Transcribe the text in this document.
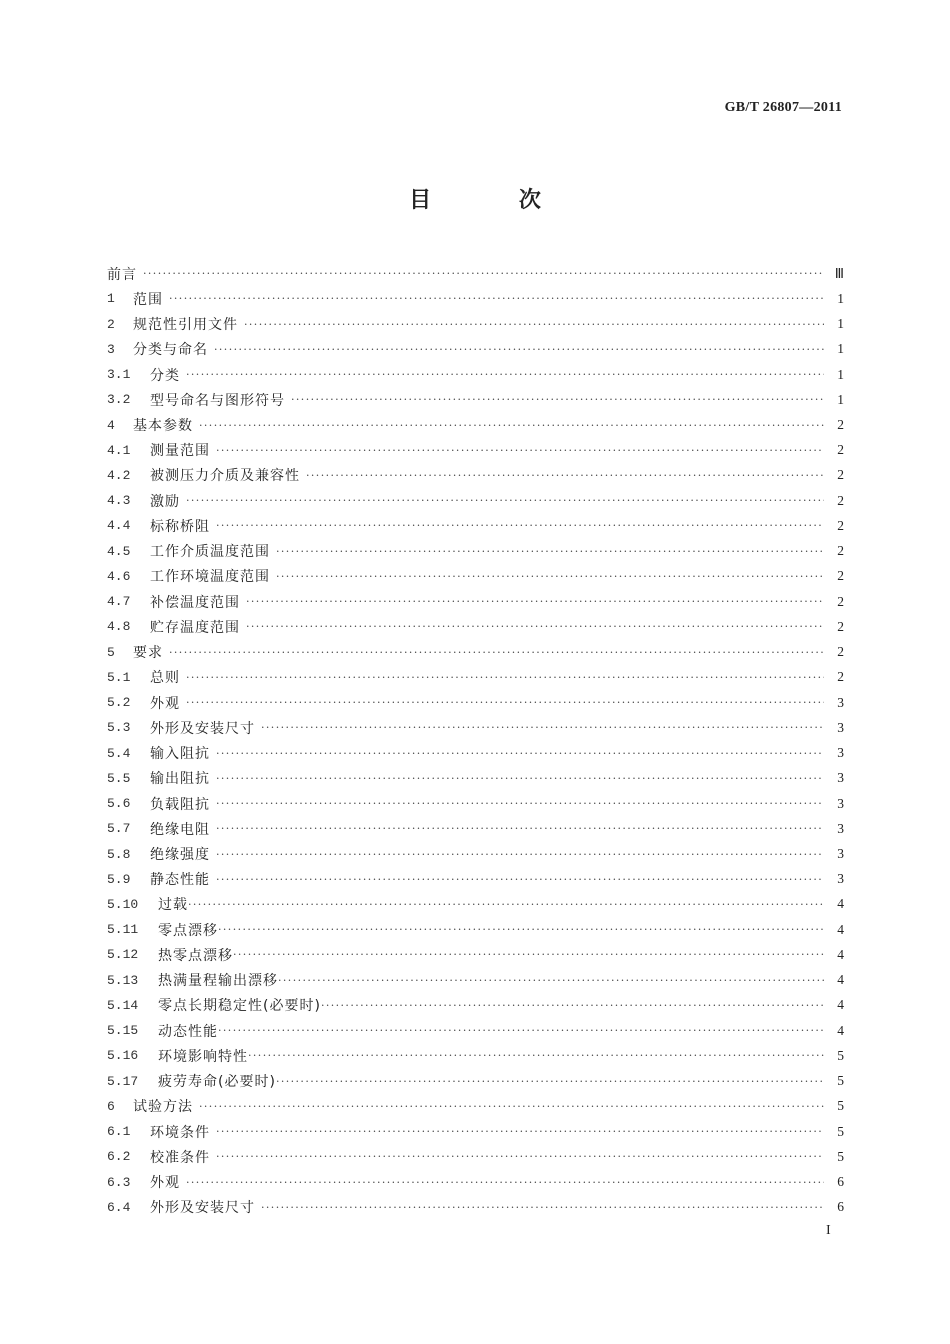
GB/T 26807—2011
目 次
前言 ·····	Ⅲ
1	范围 ·····	1
2	规范性引用文件 ·····	1
3	分类与命名 ·····	1
3.1	分类 ·····	1
3.2	型号命名与图形符号 ·····	1
4	基本参数 ·····	2
4.1	测量范围 ·····	2
4.2	被测压力介质及兼容性 ·····	2
4.3	激励 ·····	2
4.4	标称桥阻 ·····	2
4.5	工作介质温度范围 ·····	2
4.6	工作环境温度范围 ·····	2
4.7	补偿温度范围 ·····	2
4.8	贮存温度范围 ·····	2
5	要求 ·····	2
5.1	总则 ·····	2
5.2	外观 ·····	3
5.3	外形及安装尺寸 ·····	3
5.4	输入阻抗 ·····	3
5.5	输出阻抗 ·····	3
5.6	负载阻抗 ·····	3
5.7	绝缘电阻 ·····	3
5.8	绝缘强度 ·····	3
5.9	静态性能 ·····	3
5.10	过载 ·····	4
5.11	零点漂移 ·····	4
5.12	热零点漂移 ·····	4
5.13	热满量程输出漂移 ·····	4
5.14	零点长期稳定性(必要时) ·····	4
5.15	动态性能 ·····	4
5.16	环境影响特性 ·····	5
5.17	疲劳寿命(必要时) ·····	5
6	试验方法 ·····	5
6.1	环境条件 ·····	5
6.2	校准条件 ·····	5
6.3	外观 ·····	6
6.4	外形及安装尺寸 ·····	6
I
